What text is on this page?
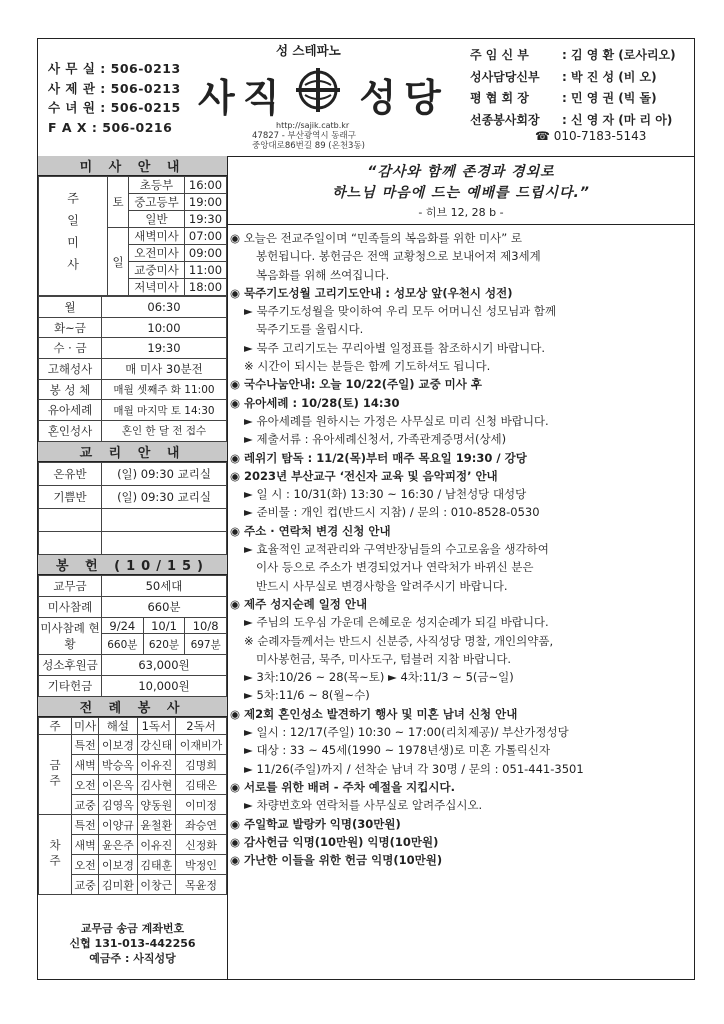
사 무 실 : 506-0213
사 제 관 : 506-0213
수 녀 원 : 506-0215
F A X : 506-0216
성 스테파노
사직 성당
http://sajik.catb.kr
47827 - 부산광역시 동래구
중앙대로86번길 89 (온천3동)
주 임 신 부	: 김 영 환 (로사리오)
성사담당신부 : 박 진 성 (비 오)
평 협 회 장	: 민 영 권 (빅 돌)
선종봉사회장 : 신 영 자 (마 리 아)
☎ 010-7183-5143
미 사 안 내
주일미사	토	초등부	16:00
		중고등부	19:00
		일반	19:30
	일	새벽미사	07:00
		오전미사	09:00
		교중미사	11:00
		저녁미사	18:00
월	06:30
화~금	10:00
수 · 금	19:30
고해성사	매 미사 30분전
봉 성 체	매월 셋째주 화 11:00
유아세례	매월 마지막 토 14:30
혼인성사	혼인 한 달 전 접수
교 리 안 내
온유반	(일) 09:30 교리실
기쁨반	(일) 09:30 교리실

봉 헌 (10/15)
교무금	50세대		
미사참례	660분		
미사참례 현황	9/24	10/1	10/8
	660분	620분	697분
성소후원금	63,000원		
기타헌금	10,000원		
전 례 봉 사
주	미사	해설	1독서	2독서
금주	특전	이보경	강신태	이재비가
	새벽	박승옥	이유진	김명희
	오전	이은옥	김사현	김태은
	교중	김영옥	양동원	이미정
차주	특전	이양규	윤철환	좌승연
	새벽	윤은주	이유진	신정화
	오전	이보경	김태훈	박정인
	교중	김미환	이창근	목윤정
교무금 송금 계좌번호
신협 131-013-442256
예금주 : 사직성당
“감사와 함께 존경과 경외로
하느님 마음에 드는 예배를 드립시다.”
- 히브 12, 28 b -
◉ 오늘은 전교주일이며 “민족들의 복음화를 위한 미사” 로
봉헌됩니다. 봉헌금은 전액 교황청으로 보내어져 제3세계
복음화를 위해 쓰여집니다.
◉ 묵주기도성월 고리기도안내 : 성모상 앞(우천시 성전)
► 묵주기도성월을 맞이하여 우리 모두 어머니신 성모님과 함께
묵주기도를 올립시다.
► 묵주 고리기도는 꾸리아별 일정표를 참조하시기 바랍니다.
※ 시간이 되시는 분들은 함께 기도하셔도 됩니다.
◉ 국수나눔안내: 오늘 10/22(주일) 교중 미사 후
◉ 유아세례 : 10/28(토) 14:30
► 유아세례를 원하시는 가정은 사무실로 미리 신청 바랍니다.
► 제출서류 : 유아세례신청서, 가족관계증명서(상세)
◉ 레위기 탐독 : 11/2(목)부터 매주 목요일 19:30 / 강당
◉ 2023년 부산교구 ‘전신자 교육 및 음악피정’ 안내
► 일 시 : 10/31(화) 13:30 ~ 16:30 / 남천성당 대성당
► 준비물 : 개인 컵(반드시 지참) / 문의 : 010-8528-0530
◉ 주소 · 연락처 변경 신청 안내
► 효율적인 교적관리와 구역반장님들의 수고로움을 생각하여
이사 등으로 주소가 변경되었거나 연락처가 바뀌신 분은
반드시 사무실로 변경사항을 알려주시기 바랍니다.
◉ 제주 성지순례 일정 안내
► 주님의 도우심 가운데 은혜로운 성지순례가 되길 바랍니다.
※ 순례자들께서는 반드시 신분증, 사직성당 명찰, 개인의약품,
미사봉헌금, 묵주, 미사도구, 텀블러 지참 바랍니다.
► 3차:10/26 ~ 28(목~토) ► 4차:11/3 ~ 5(금~일)
► 5차:11/6 ~ 8(월~수)
◉ 제2회 혼인성소 발견하기 행사 및 미혼 남녀 신청 안내
► 일시 : 12/17(주일) 10:30 ~ 17:00(리치제공)/ 부산가정성당
► 대상 : 33 ~ 45세(1990 ~ 1978년생)로 미혼 가톨릭신자
► 11/26(주일)까지 / 선착순 남녀 각 30명 / 문의 : 051-441-3501
◉ 서로를 위한 배려 - 주차 예절을 지킵시다.
► 차량번호와 연락처를 사무실로 알려주십시오.
◉ 주일학교 발랑카 익명(30만원)
◉ 감사헌금 익명(10만원) 익명(10만원)
◉ 가난한 이들을 위한 헌금 익명(10만원)
